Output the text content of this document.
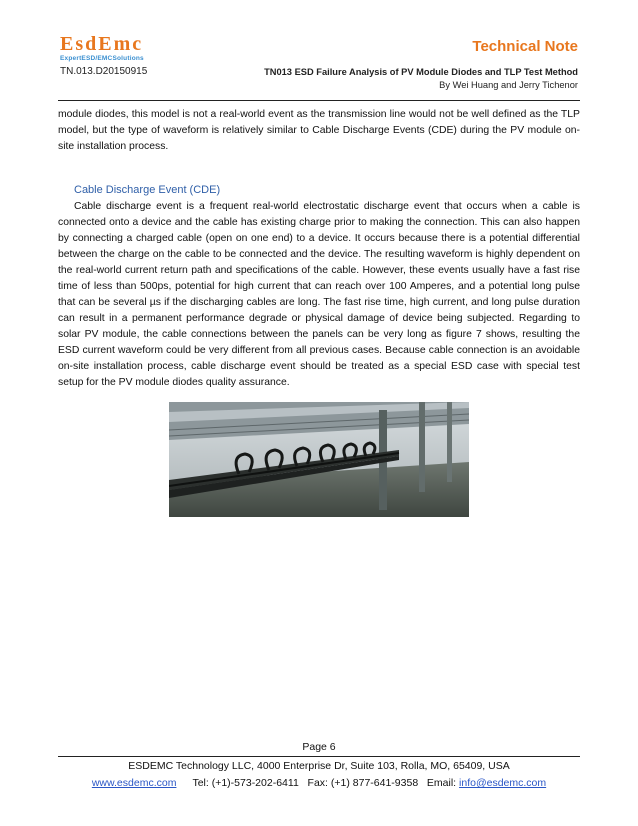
EsdEmc
ExpertESD/EMCSolutions
TN.013.D20150915
Technical Note
TN013 ESD Failure Analysis of PV Module Diodes and TLP Test Method
By Wei Huang and Jerry Tichenor
module diodes, this model is not a real-world event as the transmission line would not be well defined as the TLP model, but the type of waveform is relatively similar to Cable Discharge Events (CDE) during the PV module on-site installation process.
Cable Discharge Event (CDE)
Cable discharge event is a frequent real-world electrostatic discharge event that occurs when a cable is connected onto a device and the cable has existing charge prior to making the connection. This can also happen by connecting a charged cable (open on one end) to a device. It occurs because there is a potential differential between the charge on the cable to be connected and the device. The resulting waveform is highly dependent on the real-world current return path and specifications of the cable. However, these events usually have a fast rise time of less than 500ps, potential for high current that can reach over 100 Amperes, and a potential long pulse that can be several µs if the discharging cables are long. The fast rise time, high current, and long pulse duration can result in a permanent performance degrade or physical damage of device being subjected. Regarding to solar PV module, the cable connections between the panels can be very long as figure 7 shows, resulting the ESD current waveform could be very different from all previous cases. Because cable connection is an avoidable on-site installation process, cable discharge event should be treated as a special ESD case with special test setup for the PV module diodes quality assurance.
Page 6
ESDEMC Technology LLC, 4000 Enterprise Dr, Suite 103, Rolla, MO, 65409, USA
www.esdemc.com Tel: (+1)-573-202-6411 Fax: (+1) 877-641-9358 Email: info@esdemc.com
